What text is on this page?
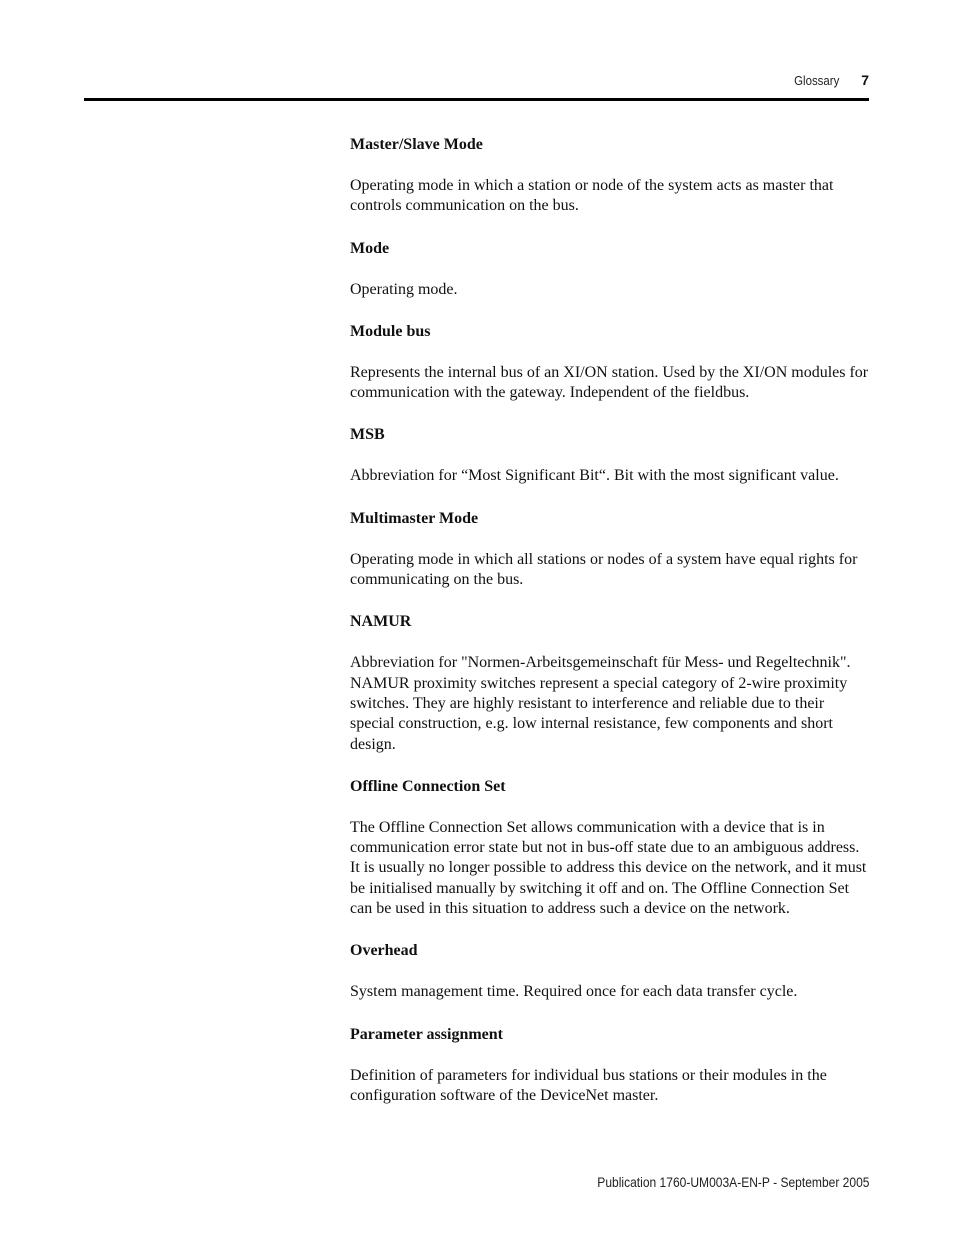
Glossary 7

Master/Slave Mode

Operating mode in which a station or node of the system acts as master that controls communication on the bus.

Mode

Operating mode.

Module bus

Represents the internal bus of an XI/ON station. Used by the XI/ON modules for communication with the gateway. Independent of the fieldbus.

MSB

Abbreviation for “Most Significant Bit“. Bit with the most significant value.

Multimaster Mode

Operating mode in which all stations or nodes of a system have equal rights for communicating on the bus.

NAMUR

Abbreviation for "Normen-Arbeitsgemeinschaft für Mess- und Regeltechnik". NAMUR proximity switches represent a special category of 2-wire proximity switches. They are highly resistant to interference and reliable due to their special construction, e.g. low internal resistance, few components and short design.

Offline Connection Set

The Offline Connection Set allows communication with a device that is in communication error state but not in bus-off state due to an ambiguous address. It is usually no longer possible to address this device on the network, and it must be initialised manually by switching it off and on. The Offline Connection Set can be used in this situation to address such a device on the network.

Overhead

System management time. Required once for each data transfer cycle.

Parameter assignment

Definition of parameters for individual bus stations or their modules in the configuration software of the DeviceNet master.

Publication 1760-UM003A-EN-P - September 2005
